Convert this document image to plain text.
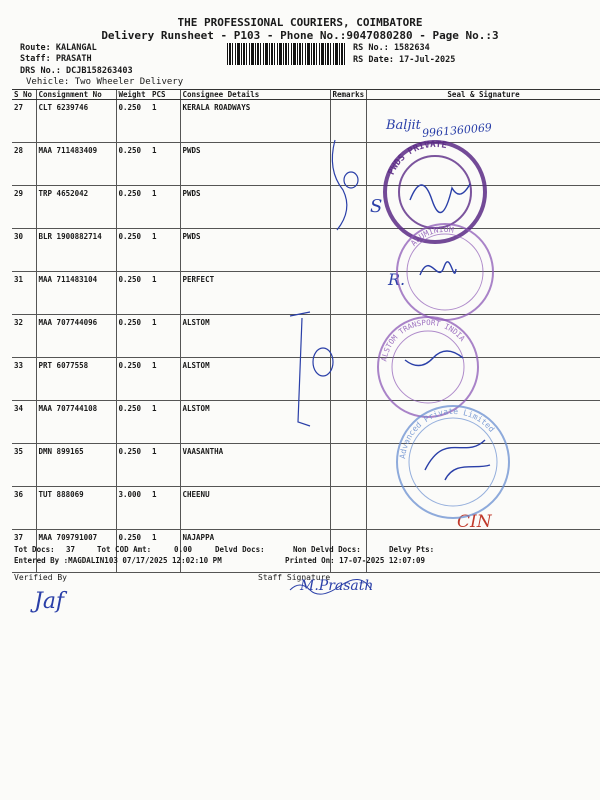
THE PROFESSIONAL COURIERS, COIMBATORE
Delivery Runsheet - P103 - Phone No.:9047080280 - Page No.:3
Route: KALANGAL
Staff: PRASATH
DRS No.: DCJB158263403
Vehicle: Two Wheeler Delivery
RS No.: 1582634
RS Date: 17-Jul-2025
S No	Consignment No	Weight	PCS	Consignee Details	Remarks	Seal & Signature
27	CLT 6239746	0.250	1	KERALA ROADWAYS		
28	MAA 711483409	0.250	1	PWDS		
29	TRP 4652042	0.250	1	PWDS		
30	BLR 1900882714	0.250	1	PWDS		
31	MAA 711483104	0.250	1	PERFECT		
32	MAA 707744096	0.250	1	ALSTOM		
33	PRT 6077558	0.250	1	ALSTOM		
34	MAA 707744108	0.250	1	ALSTOM		
35	DMN 899165	0.250	1	VAASANTHA		
36	TUT 888069	3.000	1	CHEENU		
37	MAA 709791007	0.250	1	NAJAPPA		
Tot Docs: 37	Tot COD Amt:	0.00	Delvd Docs:	Non Delvd Docs:	Delvy Pts:
Entered By :MAGDALIN103 07/17/2025 12:02:10 PM	Printed On: 17-07-2025 12:07:09
Verified By	Staff Signature
Baljit 9961360069
S
R.
CIN
Jaf
M.Prasath
PWDS PRIVATE
ALUMINIUM
ALSTOM TRANSPORT INDIA
Advanced Private Limited
